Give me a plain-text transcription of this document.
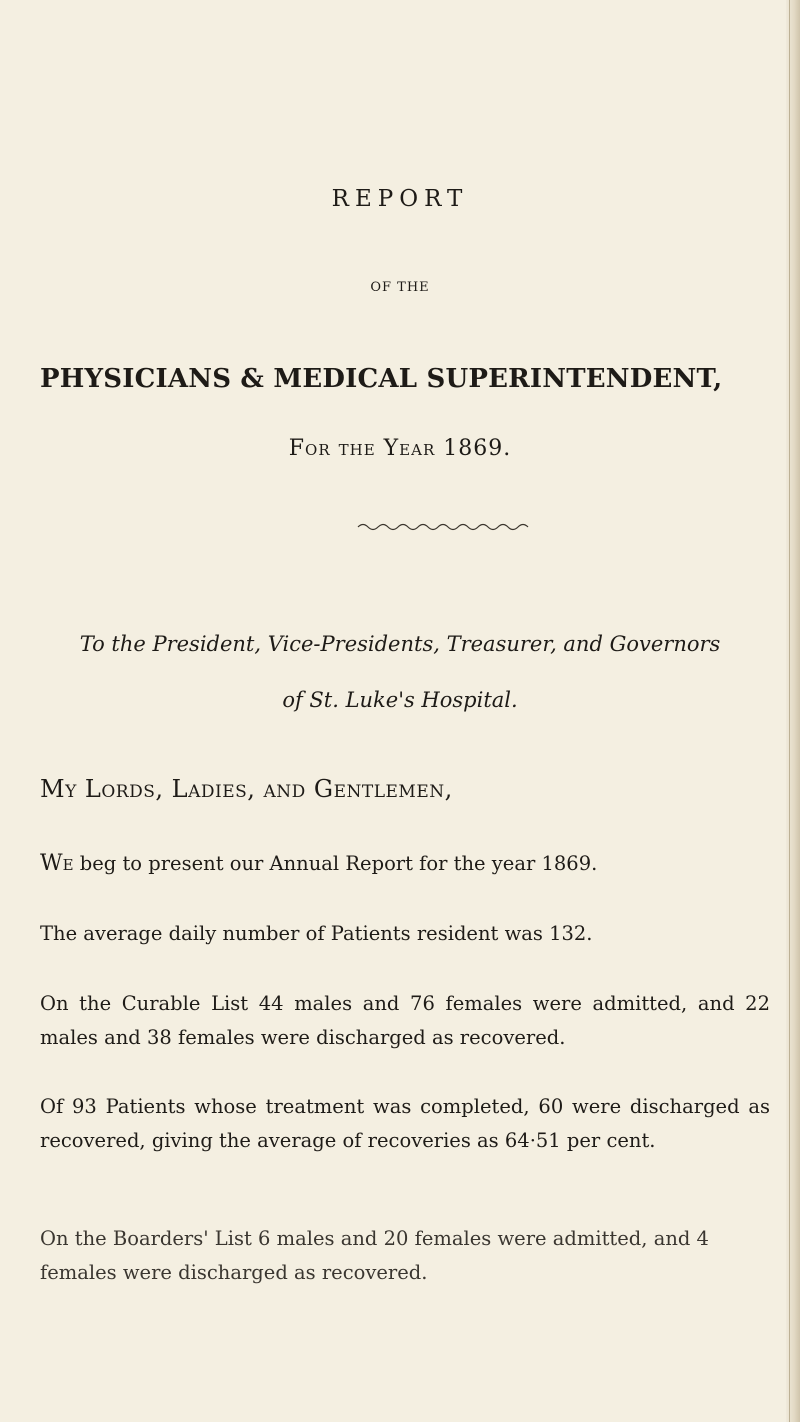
REPORT
OF THE
PHYSICIANS & MEDICAL SUPERINTENDENT,
For the Year 1869.
To the President, Vice-Presidents, Treasurer, and Governors
of St. Luke's Hospital.
My Lords, Ladies, and Gentlemen,
We beg to present our Annual Report for the year 1869.
The average daily number of Patients resident was 132.
On the Curable List 44 males and 76 females were admitted, and 22 males and 38 females were discharged as recovered.
Of 93 Patients whose treatment was completed, 60 were discharged as recovered, giving the average of recoveries as 64·51 per cent.
On the Boarders' List 6 males and 20 females were admitted, and 4 females were discharged as recovered.
